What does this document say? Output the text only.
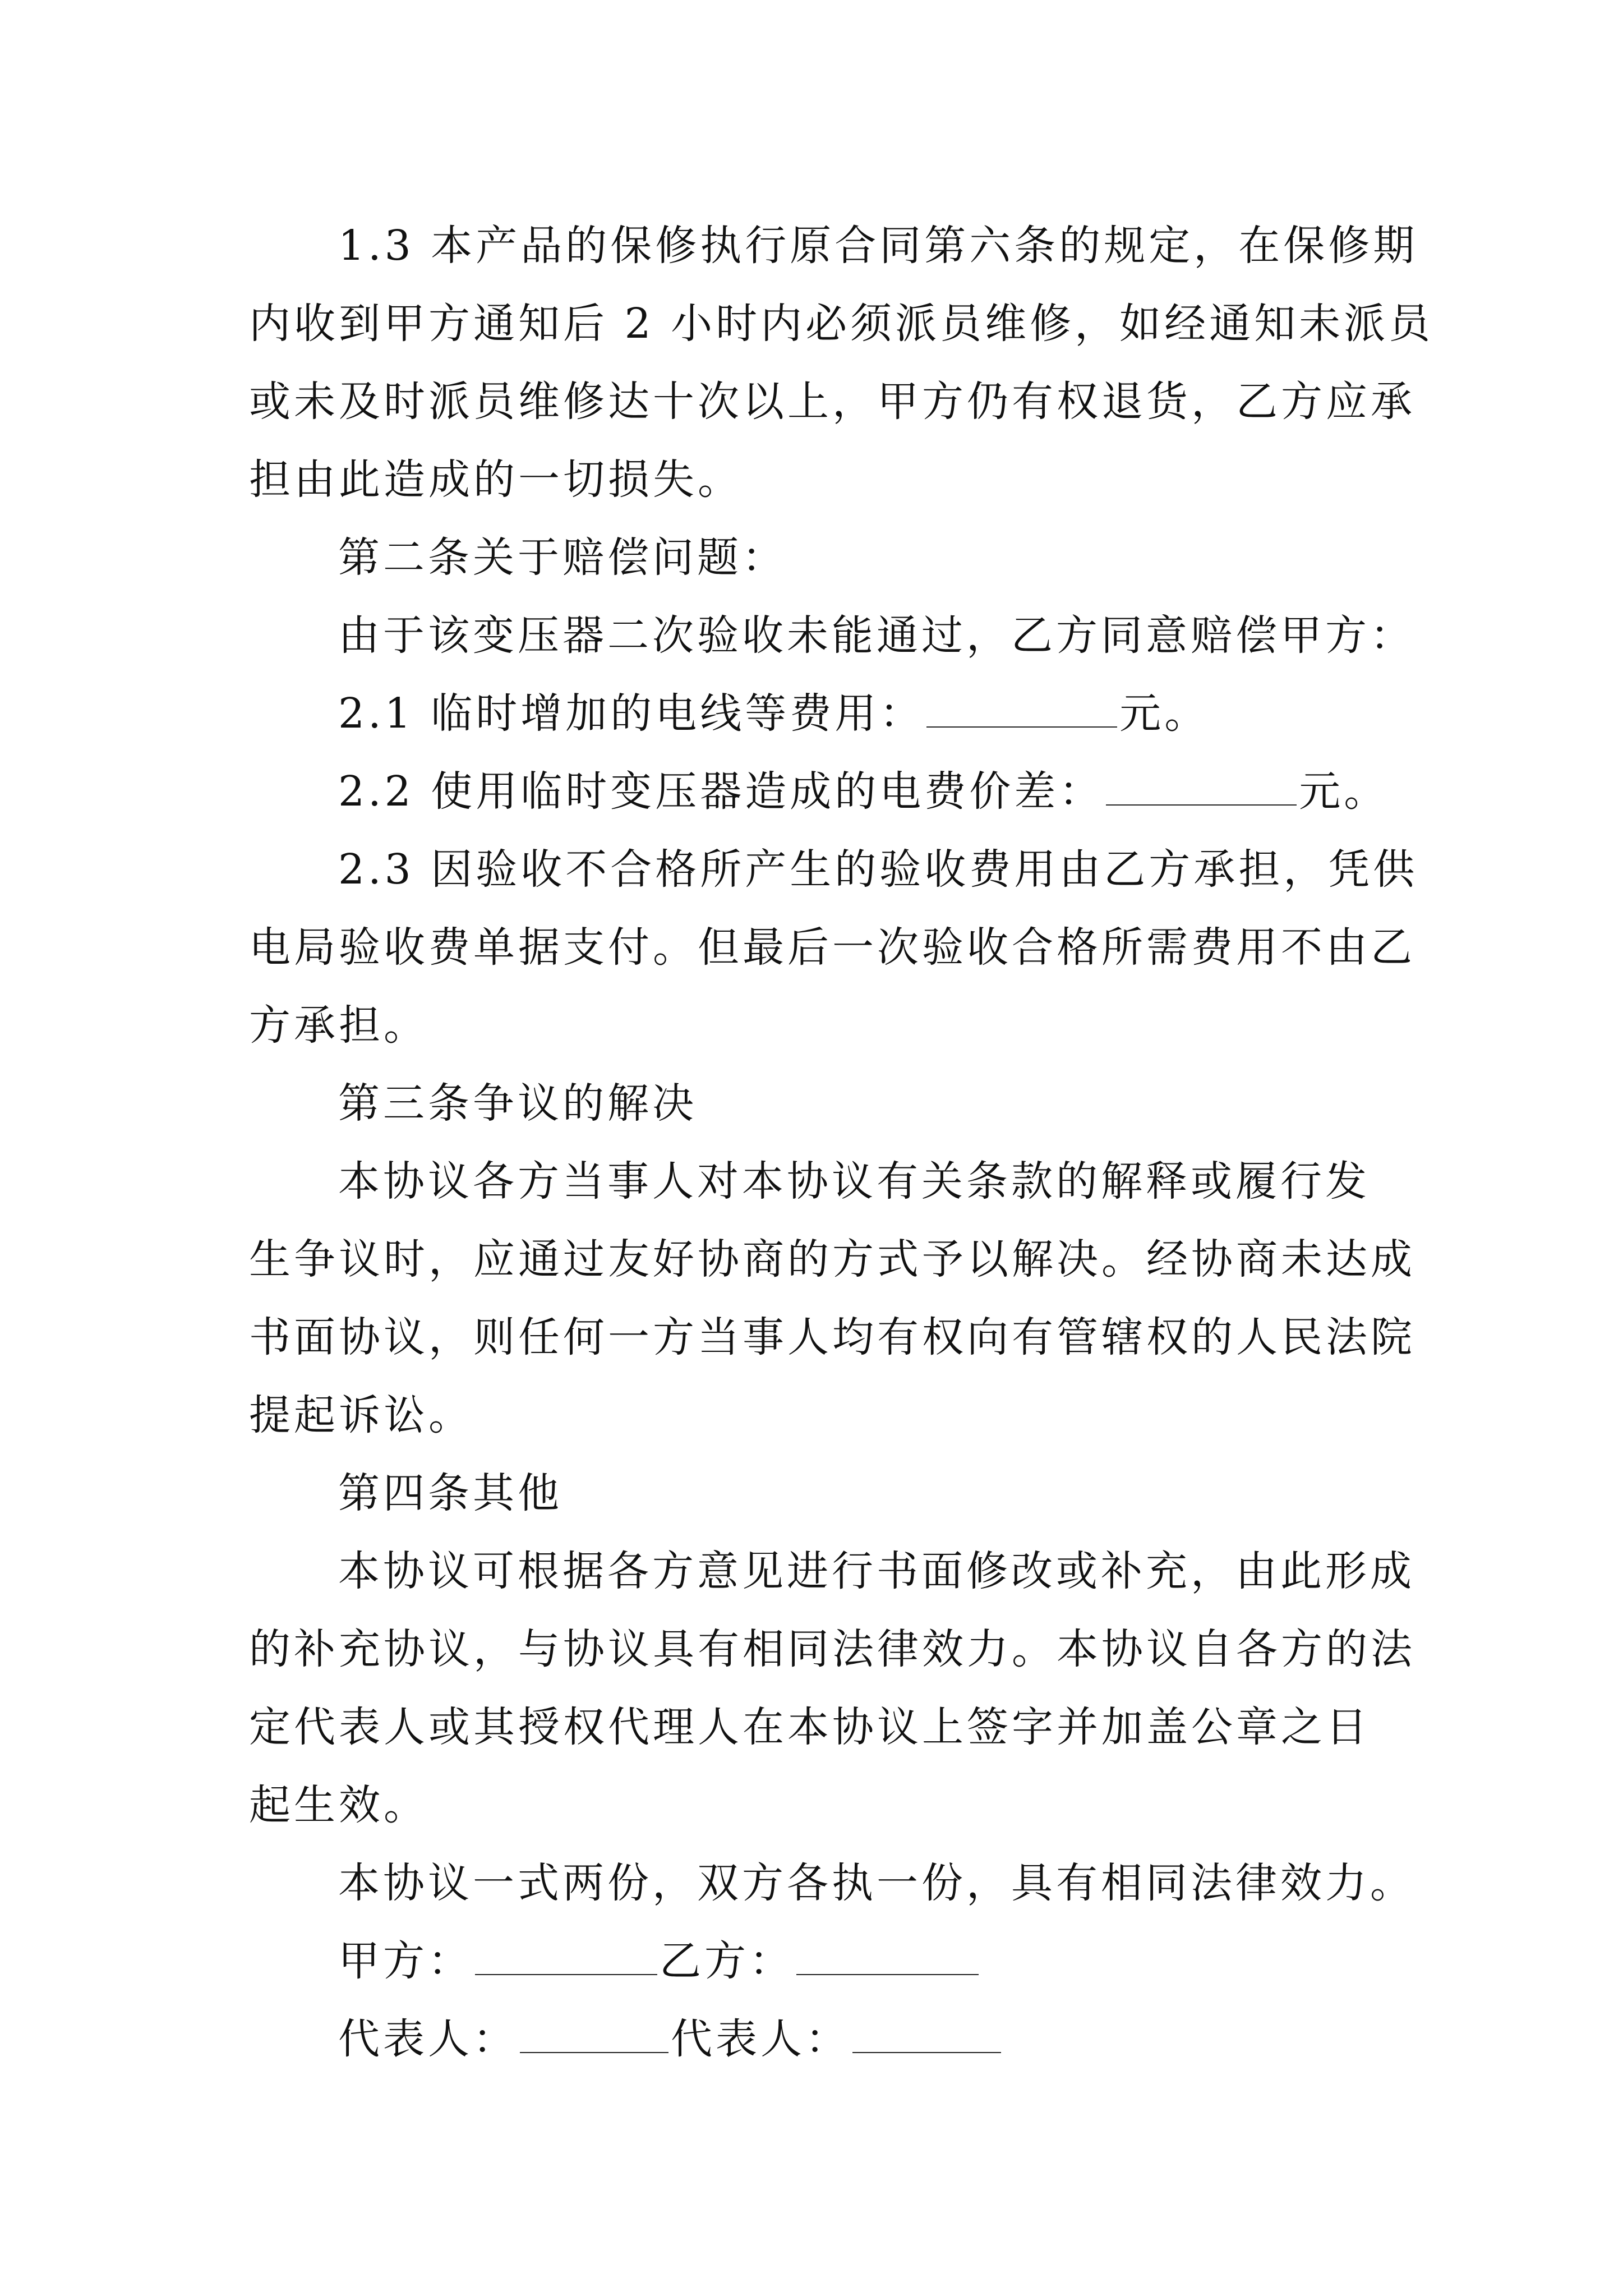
1.3 本产品的保修执行原合同第六条的规定，在保修期
内收到甲方通知后 2 小时内必须派员维修，如经通知未派员
或未及时派员维修达十次以上，甲方仍有权退货，乙方应承
担由此造成的一切损失。
第二条关于赔偿问题：
由于该变压器二次验收未能通过，乙方同意赔偿甲方：
2.1 临时增加的电线等费用：	元。
2.2 使用临时变压器造成的电费价差：	元。
2.3 因验收不合格所产生的验收费用由乙方承担，凭供
电局验收费单据支付。但最后一次验收合格所需费用不由乙
方承担。
第三条争议的解决
本协议各方当事人对本协议有关条款的解释或履行发
生争议时，应通过友好协商的方式予以解决。经协商未达成
书面协议，则任何一方当事人均有权向有管辖权的人民法院
提起诉讼。
第四条其他
本协议可根据各方意见进行书面修改或补充，由此形成
的补充协议，与协议具有相同法律效力。本协议自各方的法
定代表人或其授权代理人在本协议上签字并加盖公章之日
起生效。
本协议一式两份，双方各执一份，具有相同法律效力。
甲方：	乙方：
代表人：	代表人：
